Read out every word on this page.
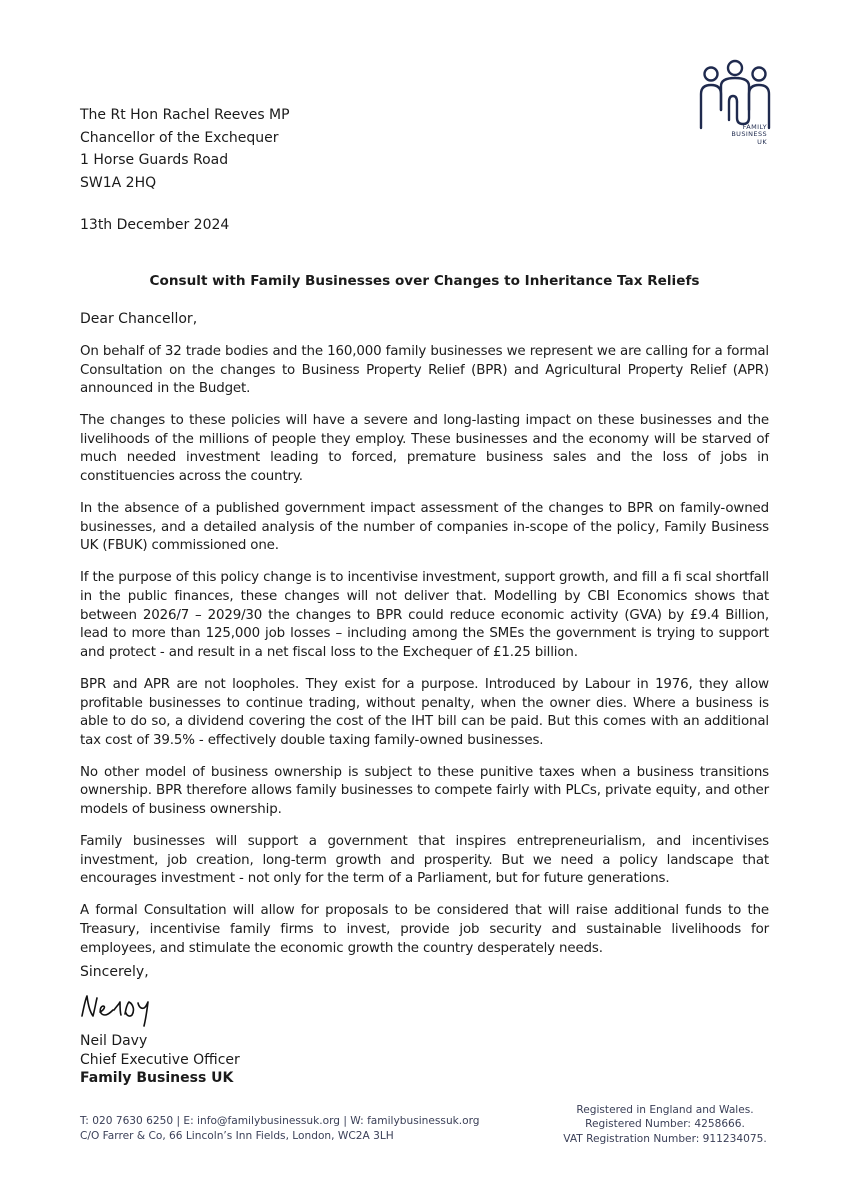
FAMILY
BUSINESS
UK
The Rt Hon Rachel Reeves MP
Chancellor of the Exchequer
1 Horse Guards Road
SW1A 2HQ
13th December 2024
Consult with Family Businesses over Changes to Inheritance Tax Reliefs
Dear Chancellor,

On behalf of 32 trade bodies and the 160,000 family businesses we represent we are calling for a formal Consultation on the changes to Business Property Relief (BPR) and Agricultural Property Relief (APR) announced in the Budget.

The changes to these policies will have a severe and long-lasting impact on these businesses and the livelihoods of the millions of people they employ. These businesses and the economy will be starved of much needed investment leading to forced, premature business sales and the loss of jobs in constituencies across the country.

In the absence of a published government impact assessment of the changes to BPR on family-owned businesses, and a detailed analysis of the number of companies in-scope of the policy, Family Business UK (FBUK) commissioned one.

If the purpose of this policy change is to incentivise investment, support growth, and fill a fi scal shortfall in the public finances, these changes will not deliver that. Modelling by CBI Economics shows that between 2026/7 – 2029/30 the changes to BPR could reduce economic activity (GVA) by £9.4 Billion, lead to more than 125,000 job losses – including among the SMEs the government is trying to support and protect - and result in a net fiscal loss to the Exchequer of £1.25 billion.

BPR and APR are not loopholes. They exist for a purpose. Introduced by Labour in 1976, they allow profitable businesses to continue trading, without penalty, when the owner dies. Where a business is able to do so, a dividend covering the cost of the IHT bill can be paid. But this comes with an additional tax cost of 39.5% - effectively double taxing family-owned businesses.

No other model of business ownership is subject to these punitive taxes when a business transitions ownership. BPR therefore allows family businesses to compete fairly with PLCs, private equity, and other models of business ownership.

Family businesses will support a government that inspires entrepreneurialism, and incentivises investment, job creation, long-term growth and prosperity. But we need a policy landscape that encourages investment - not only for the term of a Parliament, but for future generations.

A formal Consultation will allow for proposals to be considered that will raise additional funds to the Treasury, incentivise family firms to invest, provide job security and sustainable livelihoods for employees, and stimulate the economic growth the country desperately needs.

Sincerely,
Neil Davy
Chief Executive Officer
Family Business UK
T: 020 7630 6250 | E: info@familybusinessuk.org | W: familybusinessuk.org
C/O Farrer & Co, 66 Lincoln’s Inn Fields, London, WC2A 3LH
Registered in England and Wales.
Registered Number: 4258666.
VAT Registration Number: 911234075.
